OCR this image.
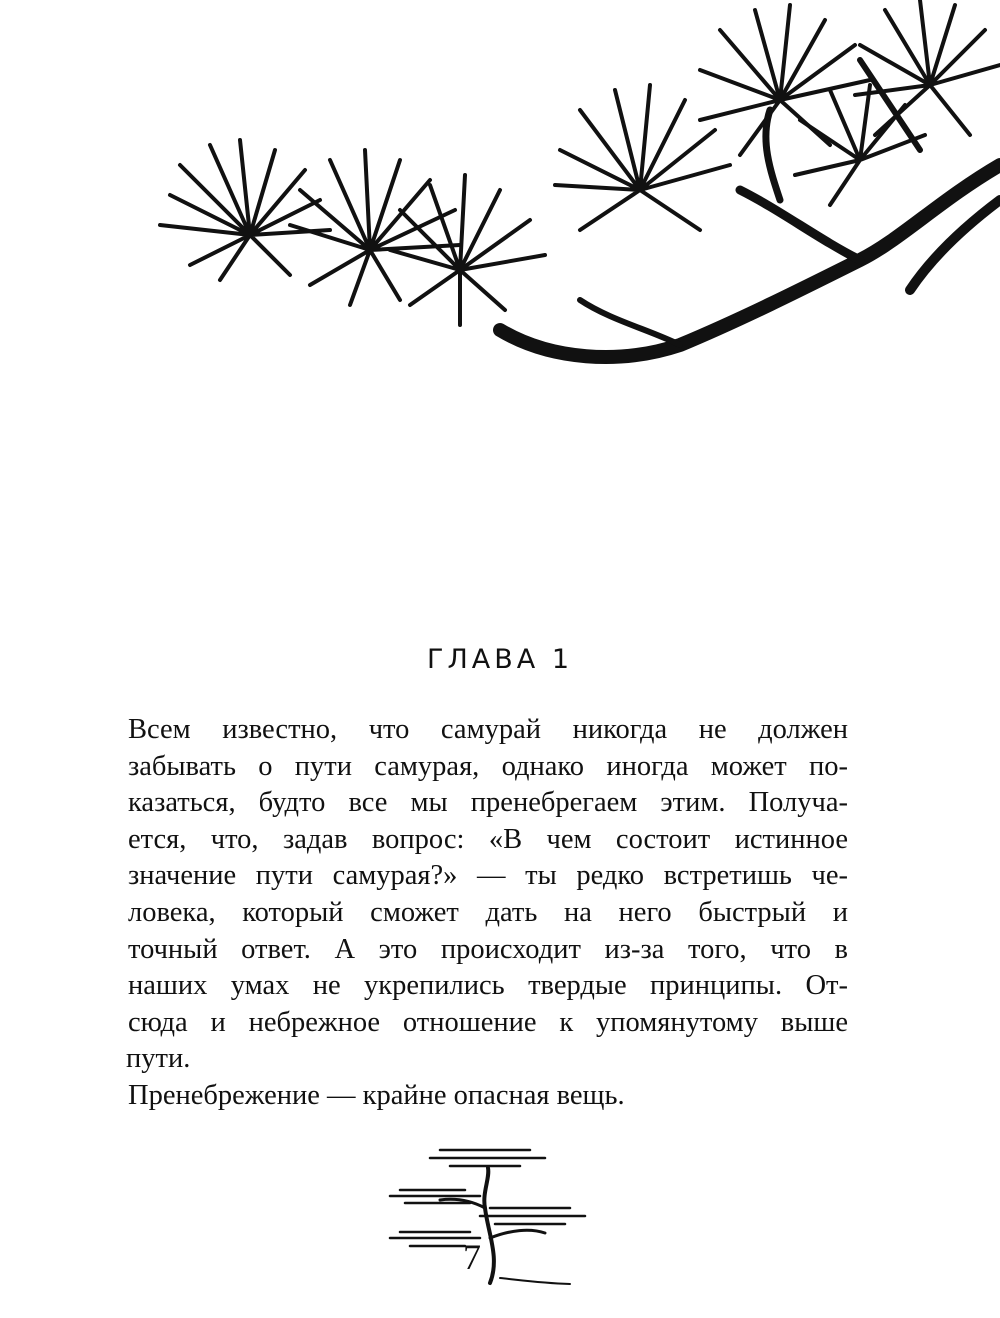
ГЛАВА 1
Всем известно, что самурай никогда не должен
забывать о пути самурая, однако иногда может по-
казаться, будто все мы пренебрегаем этим. Получа-
ется, что, задав вопрос: «В чем состоит истинное
значение пути самурая?» — ты редко встретишь че-
ловека, который сможет дать на него быстрый и
точный ответ. А это происходит из-за того, что в
наших умах не укрепились твердые принципы. От-
сюда и небрежное отношение к упомянутому выше
пути.
Пренебрежение — крайне опасная вещь.
7
